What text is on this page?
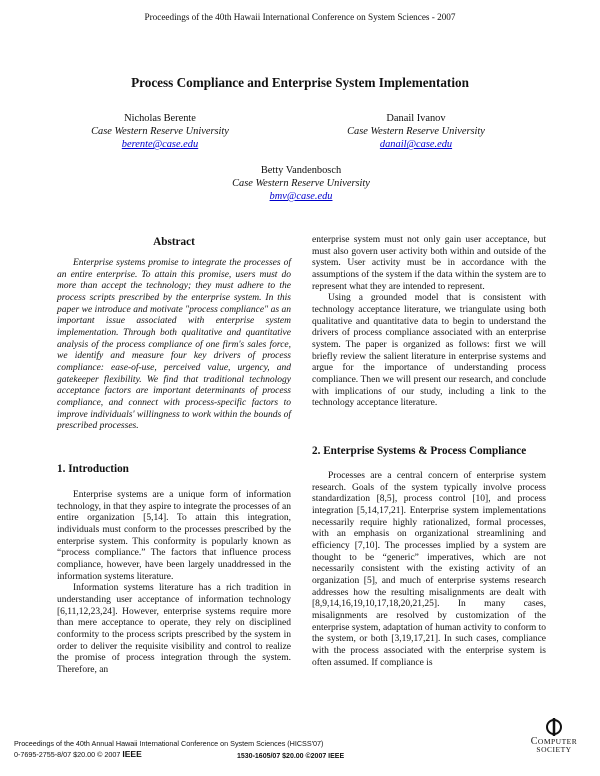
Proceedings of the 40th Hawaii International Conference on System Sciences - 2007
Process Compliance and Enterprise System Implementation
Nicholas Berente
Case Western Reserve University
berente@case.edu
Danail Ivanov
Case Western Reserve University
danail@case.edu
Betty Vandenbosch
Case Western Reserve University
bmv@case.edu
Abstract

Enterprise systems promise to integrate the processes of an entire enterprise. To attain this promise, users must do more than accept the technology; they must adhere to the process scripts prescribed by the enterprise system. In this paper we introduce and motivate "process compliance" as an important issue associated with enterprise system implementation. Through both qualitative and quantitative analysis of the process compliance of one firm's sales force, we identify and measure four key drivers of process compliance: ease-of-use, perceived value, urgency, and gatekeeper flexibility. We find that traditional technology acceptance factors are important determinants of process compliance, and connect with process-specific factors to improve individuals' willingness to work within the bounds of prescribed processes.

1. Introduction

Enterprise systems are a unique form of information technology, in that they aspire to integrate the processes of an entire organization [5,14]. To attain this integration, individuals must conform to the processes prescribed by the enterprise system. This conformity is popularly known as “process compliance.” The factors that influence process compliance, however, have been largely unaddressed in the information systems literature.

Information systems literature has a rich tradition in understanding user acceptance of information technology [6,11,12,23,24]. However, enterprise systems require more than mere acceptance to operate, they rely on disciplined conformity to the process scripts prescribed by the system in order to deliver the requisite visibility and control to realize the promise of process integration through the system. Therefore, an

enterprise system must not only gain user acceptance, but must also govern user activity both within and outside of the system. User activity must be in accordance with the assumptions of the system if the data within the system are to represent what they are intended to represent.

Using a grounded model that is consistent with technology acceptance literature, we triangulate using both qualitative and quantitative data to begin to understand the drivers of process compliance associated with an enterprise system. The paper is organized as follows: first we will briefly review the salient literature in enterprise systems and argue for the importance of understanding process compliance. Then we will present our research, and conclude with implications of our study, including a link to the technology acceptance literature.

2. Enterprise Systems & Process Compliance

Processes are a central concern of enterprise system research. Goals of the system typically involve process standardization [8,5], process control [10], and process integration [5,14,17,21]. Enterprise system implementations necessarily require highly rationalized, formal processes, with an emphasis on organizational streamlining and efficiency [7,10]. The processes implied by a system are thought to be “generic” imperatives, which are not necessarily consistent with the existing activity of an organization [5], and much of enterprise systems research addresses how the resulting misalignments are dealt with [8,9,14,16,19,10,17,18,20,21,25]. In many cases, misalignments are resolved by customization of the enterprise system, adaptation of human activity to conform to the system, or both [3,19,17,21]. In such cases, compliance with the process associated with the enterprise system is often assumed. If compliance is

Proceedings of the 40th Annual Hawaii International Conference on System Sciences (HICSS'07)
0-7695-2755-8/07 $20.00 © 2007 IEEE	1530-1605/07 $20.00 ©2007 IEEE
COMPUTER
SOCIETY
